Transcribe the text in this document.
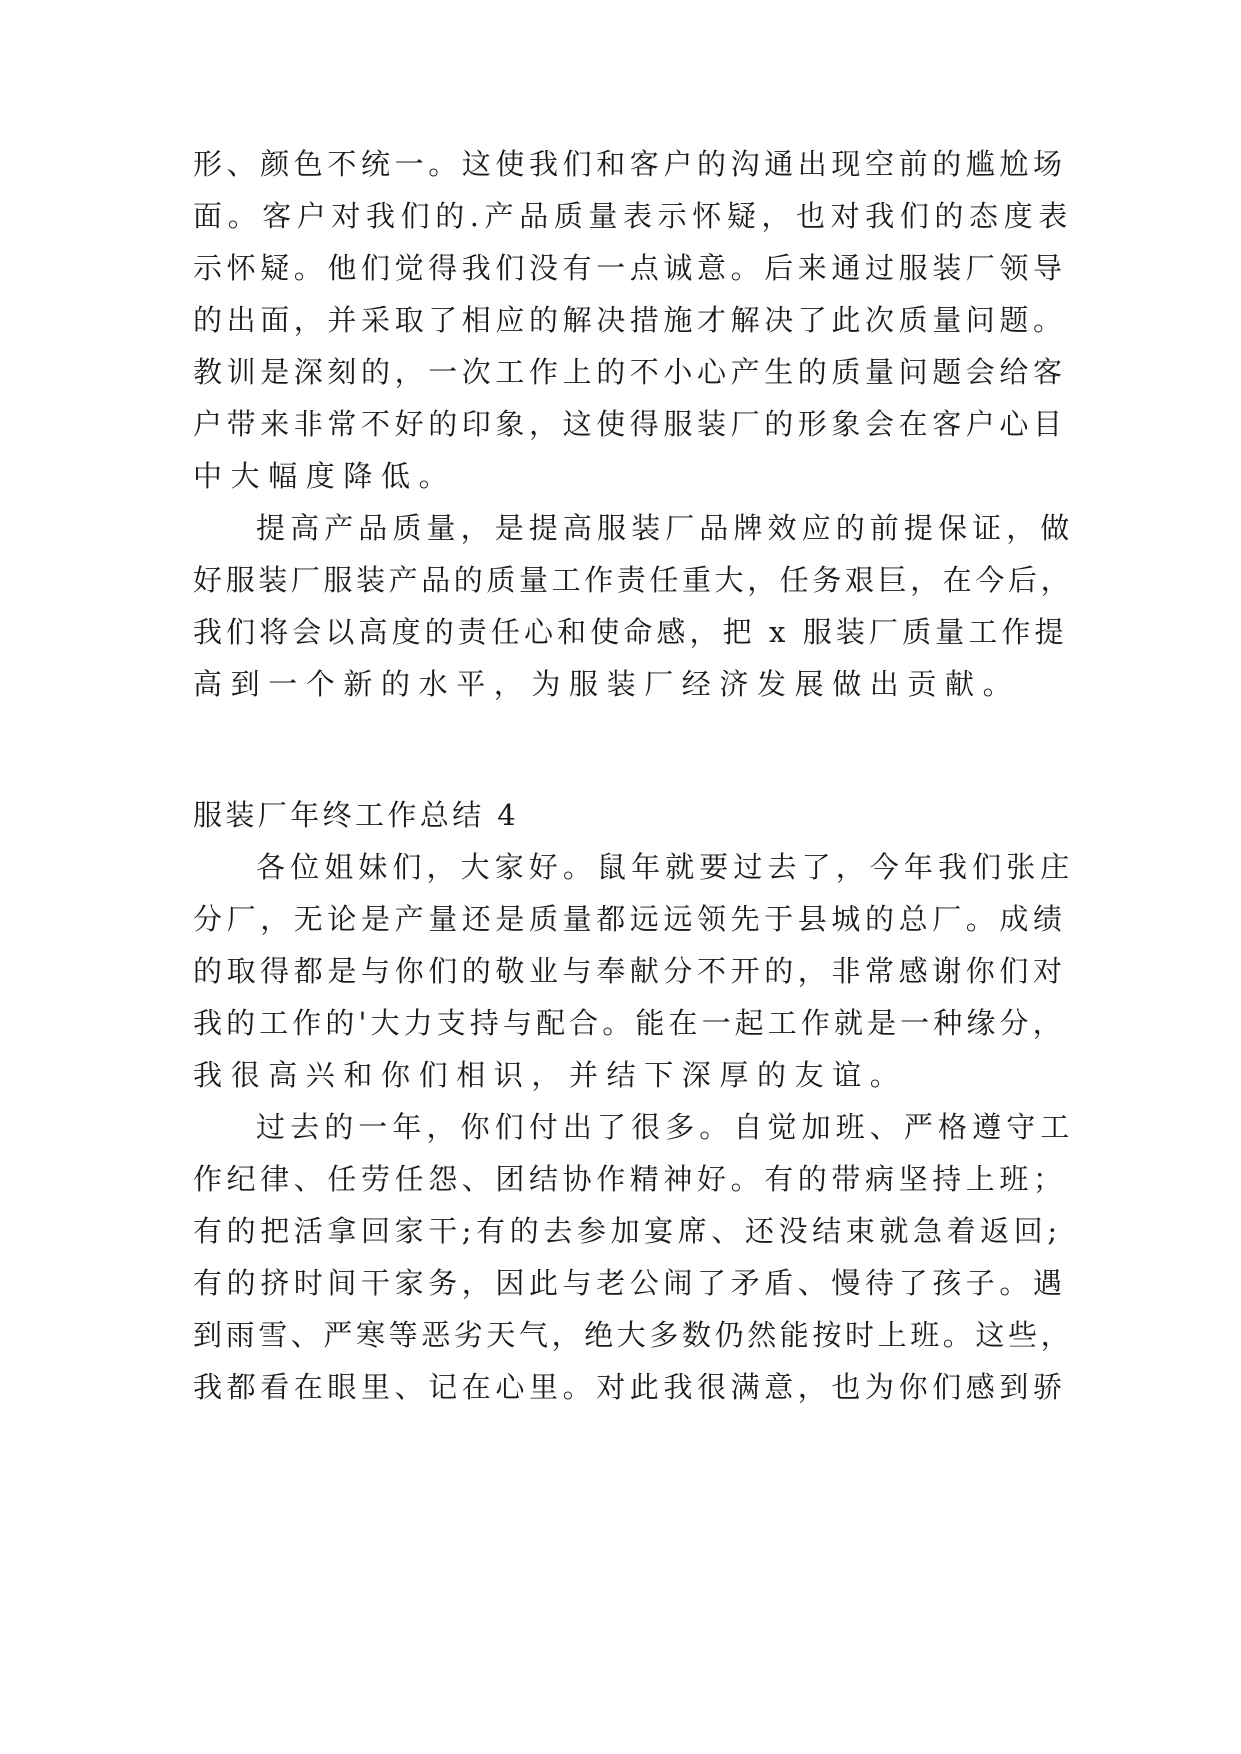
形、颜色不统一。这使我们和客户的沟通出现空前的尴尬场

面。客户对我们的.产品质量表示怀疑，也对我们的态度表

示怀疑。他们觉得我们没有一点诚意。后来通过服装厂领导

的出面，并采取了相应的解决措施才解决了此次质量问题。

教训是深刻的，一次工作上的不小心产生的质量问题会给客

户带来非常不好的印象，这使得服装厂的形象会在客户心目

中大幅度降低。

提高产品质量，是提高服装厂品牌效应的前提保证，做

好服装厂服装产品的质量工作责任重大，任务艰巨，在今后，

我们将会以高度的责任心和使命感，把 x 服装厂质量工作提

高到一个新的水平，为服装厂经济发展做出贡献。

服装厂年终工作总结 4

各位姐妹们，大家好。鼠年就要过去了，今年我们张庄

分厂，无论是产量还是质量都远远领先于县城的总厂。成绩

的取得都是与你们的敬业与奉献分不开的，非常感谢你们对

我的工作的'大力支持与配合。能在一起工作就是一种缘分，

我很高兴和你们相识，并结下深厚的友谊。

过去的一年，你们付出了很多。自觉加班、严格遵守工

作纪律、任劳任怨、团结协作精神好。有的带病坚持上班；

有的把活拿回家干;有的去参加宴席、还没结束就急着返回;

有的挤时间干家务，因此与老公闹了矛盾、慢待了孩子。遇

到雨雪、严寒等恶劣天气，绝大多数仍然能按时上班。这些，

我都看在眼里、记在心里。对此我很满意，也为你们感到骄
